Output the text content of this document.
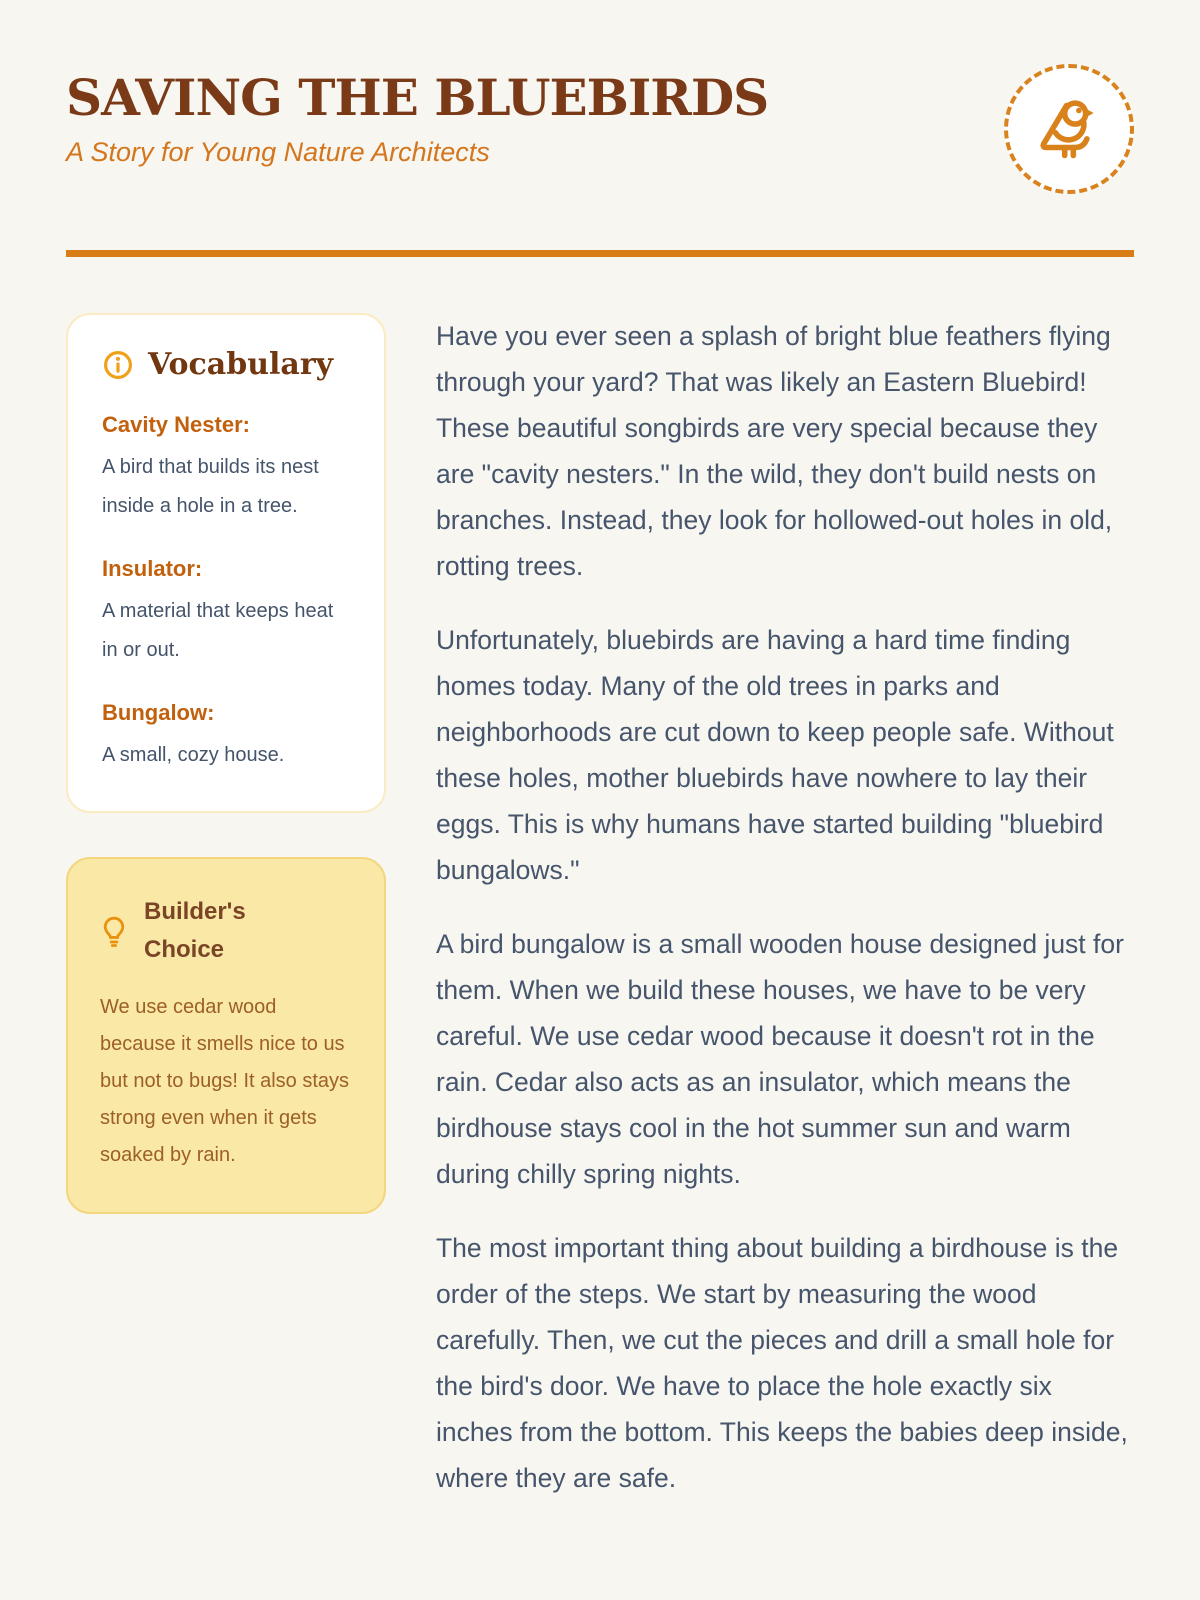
SAVING THE BLUEBIRDS
A Story for Young Nature Architects
Vocabulary
Cavity Nester:
A bird that builds its nest inside a hole in a tree.
Insulator:
A material that keeps heat in or out.
Bungalow:
A small, cozy house.
Builder's Choice
We use cedar wood because it smells nice to us but not to bugs! It also stays strong even when it gets soaked by rain.

Have you ever seen a splash of bright blue feathers flying through your yard? That was likely an Eastern Bluebird! These beautiful songbirds are very special because they are "cavity nesters." In the wild, they don't build nests on branches. Instead, they look for hollowed-out holes in old, rotting trees.

Unfortunately, bluebirds are having a hard time finding homes today. Many of the old trees in parks and neighborhoods are cut down to keep people safe. Without these holes, mother bluebirds have nowhere to lay their eggs. This is why humans have started building "bluebird bungalows."

A bird bungalow is a small wooden house designed just for them. When we build these houses, we have to be very careful. We use cedar wood because it doesn't rot in the rain. Cedar also acts as an insulator, which means the birdhouse stays cool in the hot summer sun and warm during chilly spring nights.

The most important thing about building a birdhouse is the order of the steps. We start by measuring the wood carefully. Then, we cut the pieces and drill a small hole for the bird's door. We have to place the hole exactly six inches from the bottom. This keeps the babies deep inside, where they are safe.
